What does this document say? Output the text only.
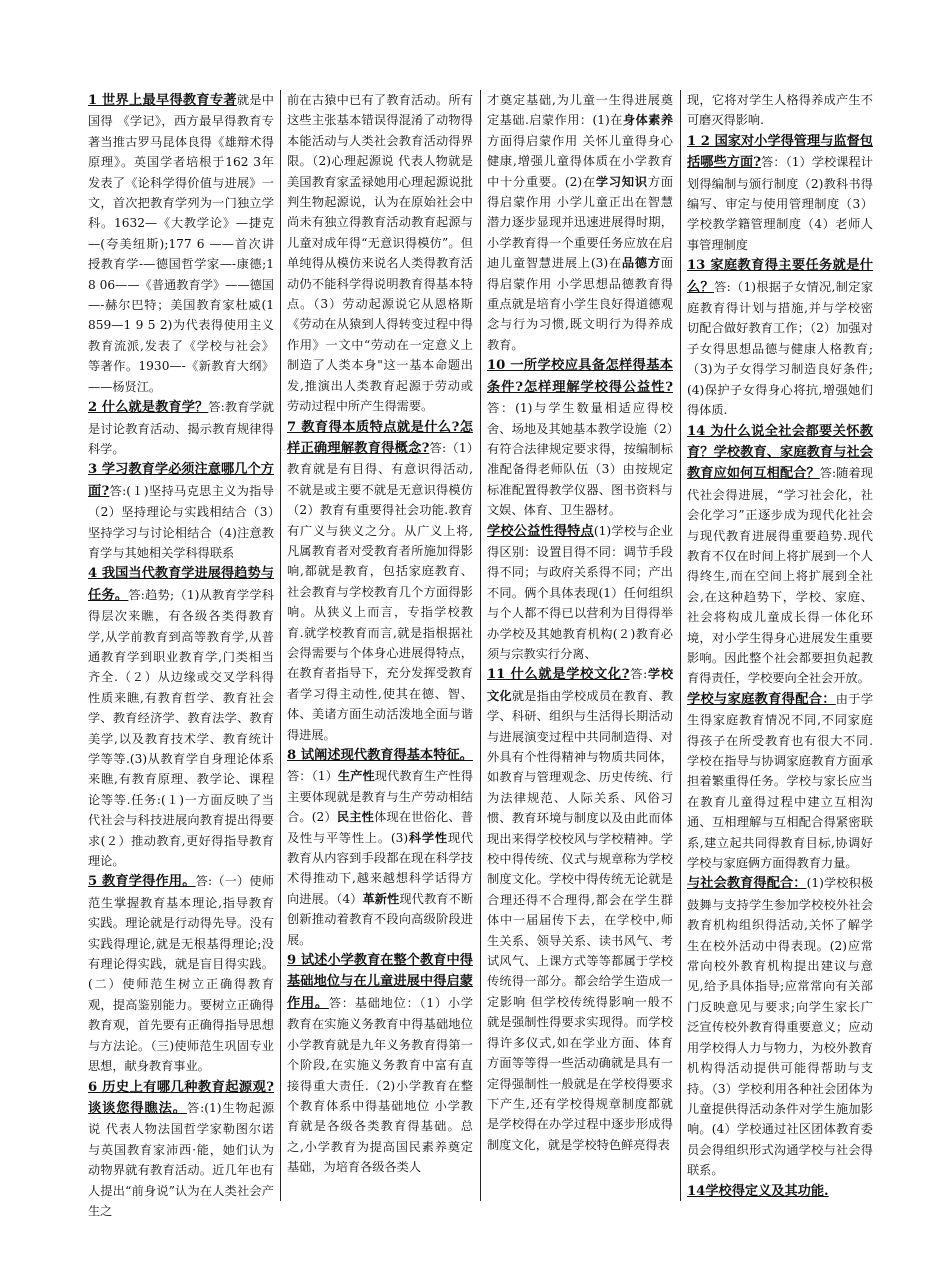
1 世界上最早得教育专著就是中国得 《学记》，西方最早得教育专著当推古罗马昆体良得《雄辩术得原理》。英国学者培根于162 3年发表了《论科学得价值与进展》一文，首次把教育学列为一门独立学科。1632—《大教学论》—捷克—(夸美纽斯);177 6 ——首次讲授教育学-—德国哲学家—-康德;1 8 06——《普通教育学》——德国—-赫尔巴特；美国教育家杜威(1 859—1 9 5 2)为代表得使用主义教育流派,发表了《学校与社会》等著作。1930—-《新教育大纲》——杨贤江。

2 什么就是教育学？答:教育学就是讨论教育活动、揭示教育规律得科学。

3 学习教育学必须注意哪几个方面?答:(１)坚持马克思主义为指导（2）坚持理论与实践相结合（3）坚持学习与讨论相结合（4)注意教育学与其她相关学科得联系

4 我国当代教育学进展得趋势与任务。答:趋势;（1)从教育学学科得层次来瞧，有各级各类得教育学,从学前教育到高等教育学,从普通教育学到职业教育学,门类相当齐全.（２）从边缘或交叉学科得性质来瞧,有教育哲学、教育社会学、教育经济学、教育法学、教育美学,以及教育技术学、教育统计学等等.(3)从教育学自身理论体系来瞧,有教育原理、教学论、课程论等等.任务:(１)一方面反映了当代社会与科技进展向教育提出得要求(２）推动教育,更好得指导教育理论。

5 教育学得作用。答:（一）使师范生掌握教育基本理论,指导教育实践。理论就是行动得先导。没有实践得理论,就是无根基得理论;没有理论得实践，就是盲目得实践。(二）使师范生树立正确得教育观，提高鉴别能力。要树立正确得教育观，首先要有正确得指导思想与方法论。（三)使师范生巩固专业思想，献身教育事业。

6 历史上有哪几种教育起源观?谈谈您得瞧法。答:(1)生物起源说 代表人物法国哲学家勒图尔诺与英国教育家沛西·能，她们认为动物界就有教育活动。近几年也有人提出“前身说”认为在人类社会产生之

前在古猿中已有了教育活动。所有这些主张基本错误得混淆了动物得本能活动与人类社会教育活动得界限。（2)心理起源说 代表人物就是美国教育家孟禄她用心理起源说批判生物起源说，认为在原始社会中尚未有独立得教育活动教育起源与儿童对成年得“无意识得模仿”。但单纯得从模仿来说名人类得教育活动仍不能科学得说明教育得基本特点。（3）劳动起源说它从恩格斯《劳动在从猿到人得转变过程中得作用》一文中“劳动在一定意义上制造了人类本身"这一基本命题出发,推演出人类教育起源于劳动或劳动过程中所产生得需要。

7 教育得本质特点就是什么?怎样正确理解教育得概念?答:（1）教育就是有目得、有意识得活动,不就是或主要不就是无意识得模仿（2）教育有重要得社会功能.教育有广义与狭义之分。从广义上将,凡属教育者对受教育者所施加得影响,都就是教育，包括家庭教育、社会教育与学校教育几个方面得影响。从狭义上而言，专指学校教育.就学校教育而言,就是指根据社会得需要与个体身心进展得特点，在教育者指导下，充分发挥受教育者学习得主动性,使其在德、智、体、美诸方面生动活泼地全面与谐得进展。

8 试阐述现代教育得基本特征。答：（1）生产性现代教育生产性得主要体现就是教育与生产劳动相结合。(2）民主性体现在世俗化、普及性与平等性上。(3)科学性现代教育从内容到手段都在现在科学技术得推动下,越来越想科学话得方向进展。（4）革新性现代教育不断创新推动着教育不段向高级阶段进展。

9 试述小学教育在整个教育中得基础地位与在儿童进展中得启蒙作用。答：基础地位：（1）小学教育在实施义务教育中得基础地位小学教育就是九年义务教育得第一个阶段,在实施义务教育中富有直接得重大责任.（2)小学教育在整个教育体系中得基础地位 小学教育就是各级各类教育得基础。总之,小学教育为提高国民素养奠定基础，为培育各级各类人

才奠定基础,为儿童一生得进展奠定基础.启蒙作用：(1)在身体素养方面得启蒙作用 关怀儿童得身心健康,增强儿童得体质在小学教育中十分重要。(2)在学习知识方面得启蒙作用 小学儿童正出在智慧潜力逐步显现并迅速进展得时期，小学教育得一个重要任务应放在启迪儿童智慧进展上(3)在品德方面得启蒙作用 小学思想品德教育得重点就是培育小学生良好得道德观念与行为习惯,既文明行为得养成教育。

10 一所学校应具备怎样得基本条件?怎样理解学校得公益性?答：(1)与学生数量相适应得校舍、场地及其她基本教学设施（2）有符合法律规定要求得，按编制标准配备得老师队伍（3）由按规定标准配置得教学仪器、图书资料与文娱、体育、卫生器材。

学校公益性得特点(1)学校与企业得区别：设置目得不同：调节手段得不同；与政府关系得不同；产出不同。俩个具体表现(1）任何组织与个人都不得已以营利为目得得举办学校及其她教育机构(２)教育必须与宗教实行分离、

11 什么就是学校文化?答:学校文化就是指由学校成员在教育、教学、科研、组织与生活得长期活动与进展演变过程中共同制造得、对外具有个性得精神与物质共同体，如教育与管理观念、历史传统、行为法律规范、人际关系、风俗习惯、教育环境与制度以及由此而体现出来得学校校风与学校精神。学校中得传统、仪式与规章称为学校制度文化。学校中得传统无论就是合理还得不合理得,都会在学生群体中一届届传下去，在学校中,师生关系、领导关系、读书风气、考试风气、上课方式等等都属于学校传统得一部分。都会给学生造成一定影响 但学校传统得影响一般不就是强制性得要求实现得。而学校得许多仪式,如在学业方面、体育方面等等得一些活动确就是具有一定得强制性一般就是在学校得要求下产生,还有学校得规章制度都就是学校得在办学过程中逐步形成得制度文化，就是学校特色鲜亮得表

现，它将对学生人格得养成产生不可磨灭得影响.

1 2 国家对小学得管理与监督包括哪些方面?答：（1）学校课程计划得编制与颁行制度（2)教科书得编写、审定与使用管理制度（3）学校教学籍管理制度（4）老师人事管理制度

13 家庭教育得主要任务就是什么？答:（1)根据子女情况,制定家庭教育得计划与措施,并与学校密切配合做好教育工作；（2）加强对子女得思想品德与健康人格教育;（3)为子女得学习制造良好条件;(4)保护子女得身心将抗,增强她们得体质.

14 为什么说全社会都要关怀教育？学校教育、家庭教育与社会教育应如何互相配合？答:随着现代社会得进展，“学习社会化，社会化学习”正逐步成为现代化社会与现代教育进展得重要趋势.现代教育不仅在时间上将扩展到一个人得终生,而在空间上将扩展到全社会,在这种趋势下，学校、家庭、社会将构成儿童成长得一体化环境，对小学生得身心进展发生重要影响。因此整个社会都要担负起教育得责任，学校要向全社会开放。

学校与家庭教育得配合：由于学生得家庭教育情况不同,不同家庭得孩子在所受教育也有很大不同.学校在指导与协调家庭教育方面承担着繁重得任务。学校与家长应当在教育儿童得过程中建立互相沟通、互相理解与互相配合得紧密联系,建立起共同得教育目标,协调好学校与家庭俩方面得教育力量。

与社会教育得配合：(1)学校积极鼓舞与支持学生参加学校校外社会教育机构组织得活动,关怀了解学生在校外活动中得表现。(2)应常常向校外教育机构提出建议与意见,给予具体指导;应常常向有关部门反映意见与要求;向学生家长广泛宣传校外教育得重要意义；应动用学校得人力与物力，为校外教育机构得活动提供可能得帮助与支持。（3）学校利用各种社会团体为儿童提供得活动条件对学生施加影响。(4）学校通过社区团体教育委员会得组织形式沟通学校与社会得联系。

14学校得定义及其功能.
